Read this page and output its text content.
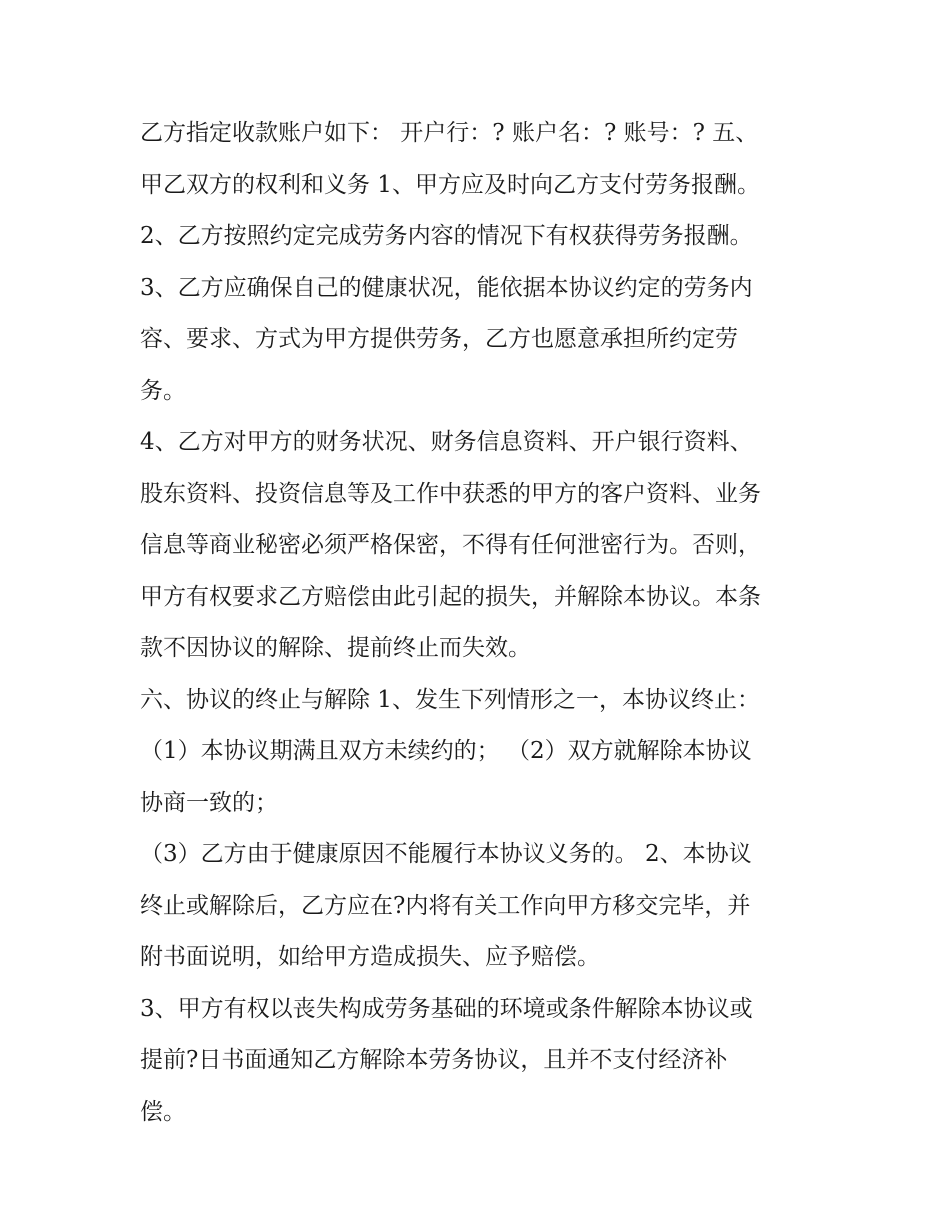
乙方指定收款账户如下： 开户行：? 账户名：? 账号：? 五、
甲乙双方的权利和义务 1、甲方应及时向乙方支付劳务报酬。
2、乙方按照约定完成劳务内容的情况下有权获得劳务报酬。
3、乙方应确保自己的健康状况，能依据本协议约定的劳务内
容、要求、方式为甲方提供劳务，乙方也愿意承担所约定劳
务。
4、乙方对甲方的财务状况、财务信息资料、开户银行资料、
股东资料、投资信息等及工作中获悉的甲方的客户资料、业务
信息等商业秘密必须严格保密，不得有任何泄密行为。否则，
甲方有权要求乙方赔偿由此引起的损失，并解除本协议。本条
款不因协议的解除、提前终止而失效。
六、协议的终止与解除 1、发生下列情形之一，本协议终止：
（1）本协议期满且双方未续约的； （2）双方就解除本协议
协商一致的；
（3）乙方由于健康原因不能履行本协议义务的。 2、本协议
终止或解除后，乙方应在?内将有关工作向甲方移交完毕，并
附书面说明，如给甲方造成损失、应予赔偿。
3、甲方有权以丧失构成劳务基础的环境或条件解除本协议或
提前?日书面通知乙方解除本劳务协议，且并不支付经济补
偿。
